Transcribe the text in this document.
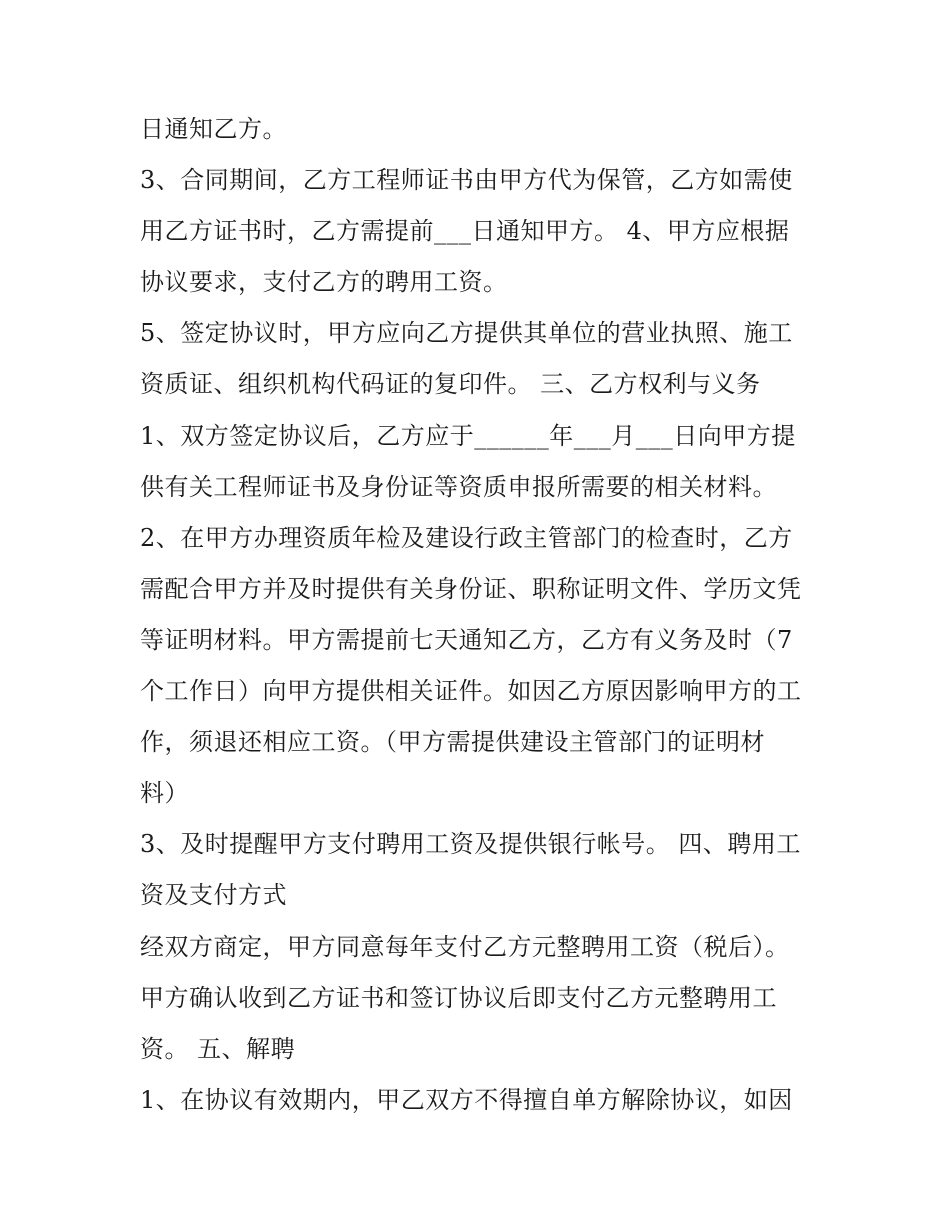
日通知乙方。
3、合同期间，乙方工程师证书由甲方代为保管，乙方如需使
用乙方证书时，乙方需提前___日通知甲方。 4、甲方应根据
协议要求，支付乙方的聘用工资。
5、签定协议时，甲方应向乙方提供其单位的营业执照、施工
资质证、组织机构代码证的复印件。 三、乙方权利与义务
1、双方签定协议后，乙方应于______年___月___日向甲方提
供有关工程师证书及身份证等资质申报所需要的相关材料。
2、在甲方办理资质年检及建设行政主管部门的检查时，乙方
需配合甲方并及时提供有关身份证、职称证明文件、学历文凭
等证明材料。甲方需提前七天通知乙方，乙方有义务及时（7
个工作日）向甲方提供相关证件。如因乙方原因影响甲方的工
作，须退还相应工资。（甲方需提供建设主管部门的证明材
料）
3、及时提醒甲方支付聘用工资及提供银行帐号。 四、聘用工
资及支付方式
经双方商定，甲方同意每年支付乙方元整聘用工资（税后）。
甲方确认收到乙方证书和签订协议后即支付乙方元整聘用工
资。 五、解聘
1、在协议有效期内，甲乙双方不得擅自单方解除协议，如因
